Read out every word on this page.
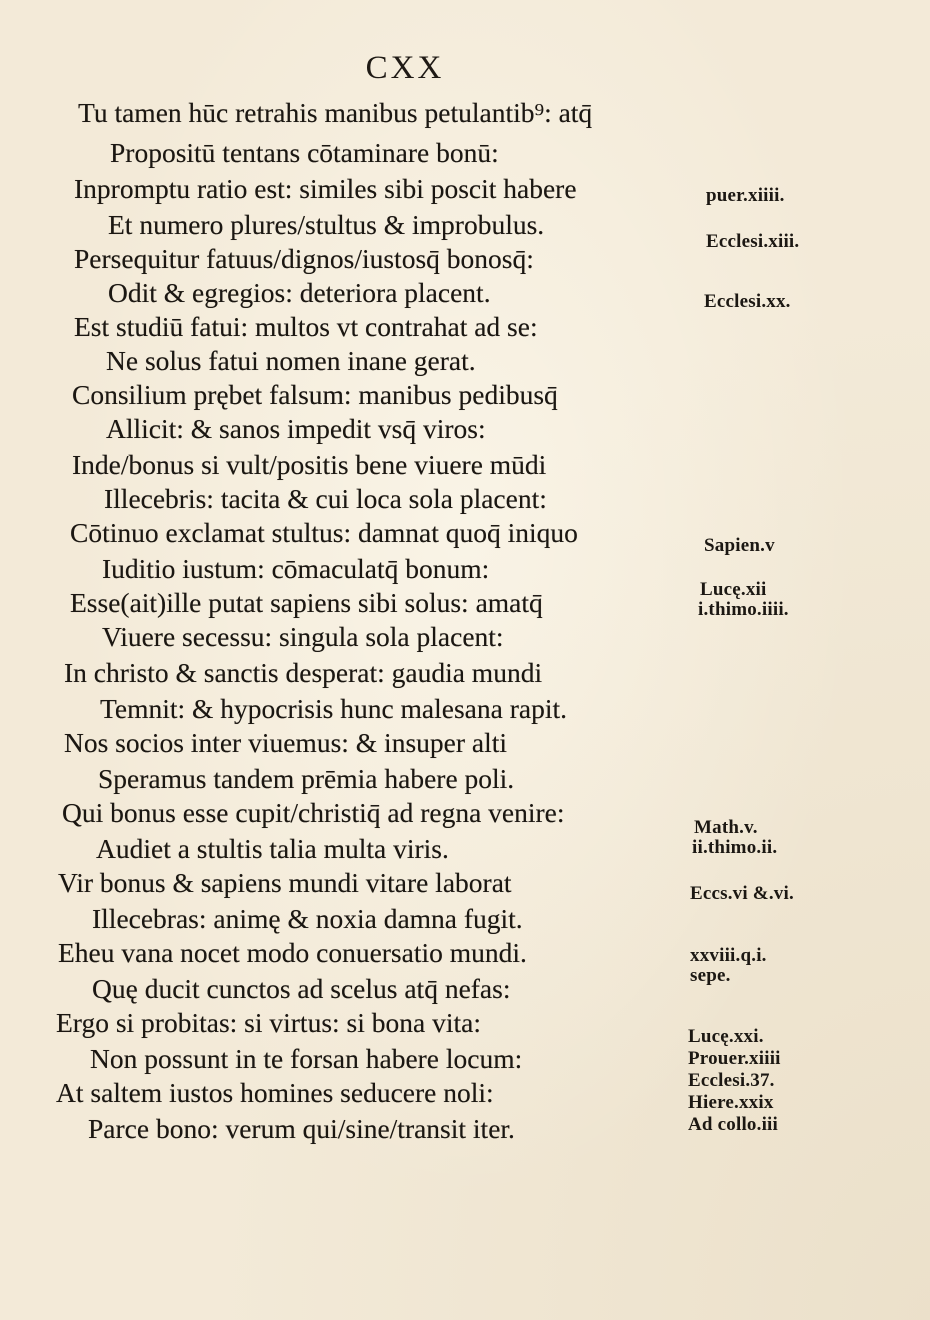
CXX
Tu tamen hūc retrahis manibus petulantib⁹: atq̄
Propositū tentans cōtaminare bonū:
Inpromptu ratio est: similes sibi poscit habere
Et numero plures/stultus & improbulus.
Persequitur fatuus/dignos/iustosq̄ bonosq̄:
Odit & egregios: deteriora placent.
Est studiū fatui: multos vt contrahat ad se:
Ne solus fatui nomen inane gerat.
Consilium prębet falsum: manibus pedibusq̄
Allicit: & sanos impedit vsq̄ viros:
Inde/bonus si vult/positis bene viuere mūdi
Illecebris: tacita & cui loca sola placent:
Cōtinuo exclamat stultus: damnat quoq̄ iniquo
Iuditio iustum: cōmaculatq̄ bonum:
Esse(ait)ille putat sapiens sibi solus: amatq̄
Viuere secessu: singula sola placent:
In christo & sanctis desperat: gaudia mundi
Temnit: & hypocrisis hunc malesana rapit.
Nos socios inter viuemus: & insuper alti
Speramus tandem prēmia habere poli.
Qui bonus esse cupit/christiq̄ ad regna venire:
Audiet a stultis talia multa viris.
Vir bonus & sapiens mundi vitare laborat
Illecebras: animę & noxia damna fugit.
Eheu vana nocet modo conuersatio mundi.
Quę ducit cunctos ad scelus atq̄ nefas:
Ergo si probitas: si virtus: si bona vita:
Non possunt in te forsan habere locum:
At saltem iustos homines seducere noli:
Parce bono: verum qui/sine/transit iter.
puer.xiiii.
Ecclesi.xiii.
Ecclesi.xx.
Sapien.v
Lucę.xii
i.thimo.iiii.
Math.v.
ii.thimo.ii.
Eccs.vi &.vi.
xxviii.q.i.
sepe.
Lucę.xxi.
Prouer.xiiii
Ecclesi.37.
Hiere.xxix
Ad collo.iii
